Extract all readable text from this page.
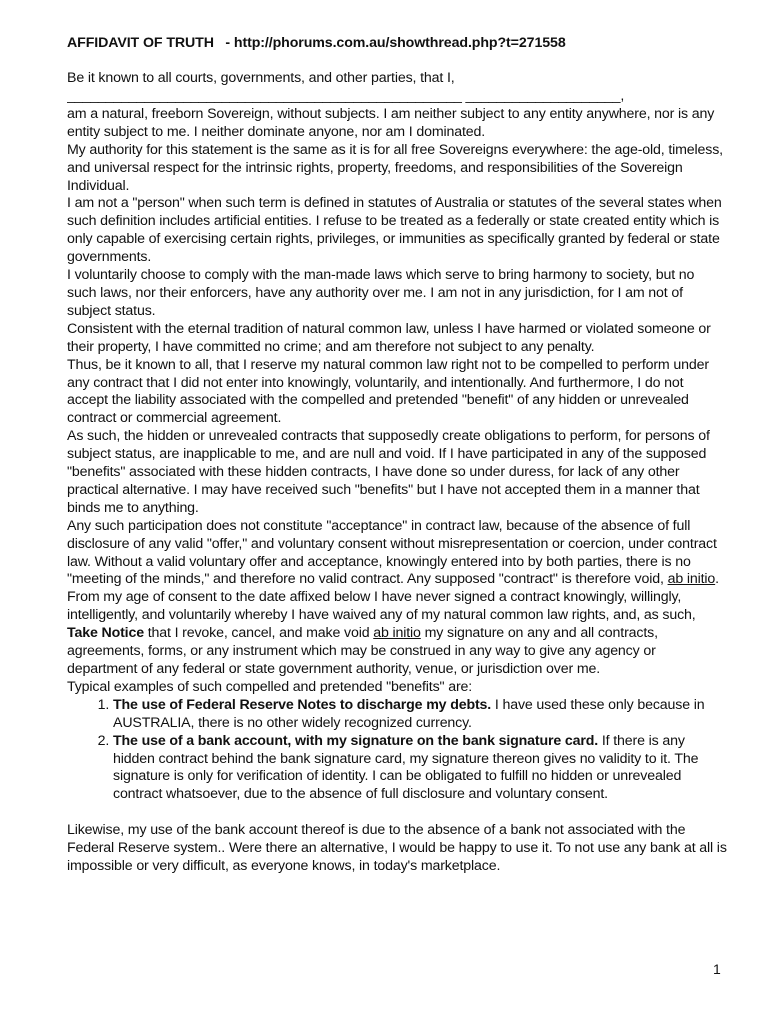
AFFIDAVIT OF TRUTH   - http://phorums.com.au/showthread.php?t=271558

Be it known to all courts, governments, and other parties, that I,

___________________________________________________ ____________________,

am a natural, freeborn Sovereign, without subjects. I am neither subject to any entity anywhere, nor is any entity subject to me. I neither dominate anyone, nor am I dominated.

My authority for this statement is the same as it is for all free Sovereigns everywhere: the age-old, timeless, and universal respect for the intrinsic rights, property, freedoms, and responsibilities of the Sovereign Individual.

I am not a "person" when such term is defined in statutes of Australia or statutes of the several states when such definition includes artificial entities. I refuse to be treated as a federally or state created entity which is only capable of exercising certain rights, privileges, or immunities as specifically granted by federal or state governments.

I voluntarily choose to comply with the man-made laws which serve to bring harmony to society, but no such laws, nor their enforcers, have any authority over me. I am not in any jurisdiction, for I am not of subject status.

Consistent with the eternal tradition of natural common law, unless I have harmed or violated someone or their property, I have committed no crime; and am therefore not subject to any penalty.

Thus, be it known to all, that I reserve my natural common law right not to be compelled to perform under any contract that I did not enter into knowingly, voluntarily, and intentionally. And furthermore, I do not accept the liability associated with the compelled and pretended "benefit" of any hidden or unrevealed contract or commercial agreement.

As such, the hidden or unrevealed contracts that supposedly create obligations to perform, for persons of subject status, are inapplicable to me, and are null and void. If I have participated in any of the supposed "benefits" associated with these hidden contracts, I have done so under duress, for lack of any other practical alternative. I may have received such "benefits" but I have not accepted them in a manner that binds me to anything.

Any such participation does not constitute "acceptance" in contract law, because of the absence of full disclosure of any valid "offer," and voluntary consent without misrepresentation or coercion, under contract law. Without a valid voluntary offer and acceptance, knowingly entered into by both parties, there is no "meeting of the minds," and therefore no valid contract. Any supposed "contract" is therefore void, ab initio.

From my age of consent to the date affixed below I have never signed a contract knowingly, willingly, intelligently, and voluntarily whereby I have waived any of my natural common law rights, and, as such, Take Notice that I revoke, cancel, and make void ab initio my signature on any and all contracts, agreements, forms, or any instrument which may be construed in any way to give any agency or department of any federal or state government authority, venue, or jurisdiction over me.

Typical examples of such compelled and pretended "benefits" are:

1. The use of Federal Reserve Notes to discharge my debts. I have used these only because in AUSTRALIA, there is no other widely recognized currency.
2. The use of a bank account, with my signature on the bank signature card. If there is any hidden contract behind the bank signature card, my signature thereon gives no validity to it. The signature is only for verification of identity. I can be obligated to fulfill no hidden or unrevealed contract whatsoever, due to the absence of full disclosure and voluntary consent.

Likewise, my use of the bank account thereof is due to the absence of a bank not associated with the Federal Reserve system.. Were there an alternative, I would be happy to use it. To not use any bank at all is impossible or very difficult, as everyone knows, in today's marketplace.

1
